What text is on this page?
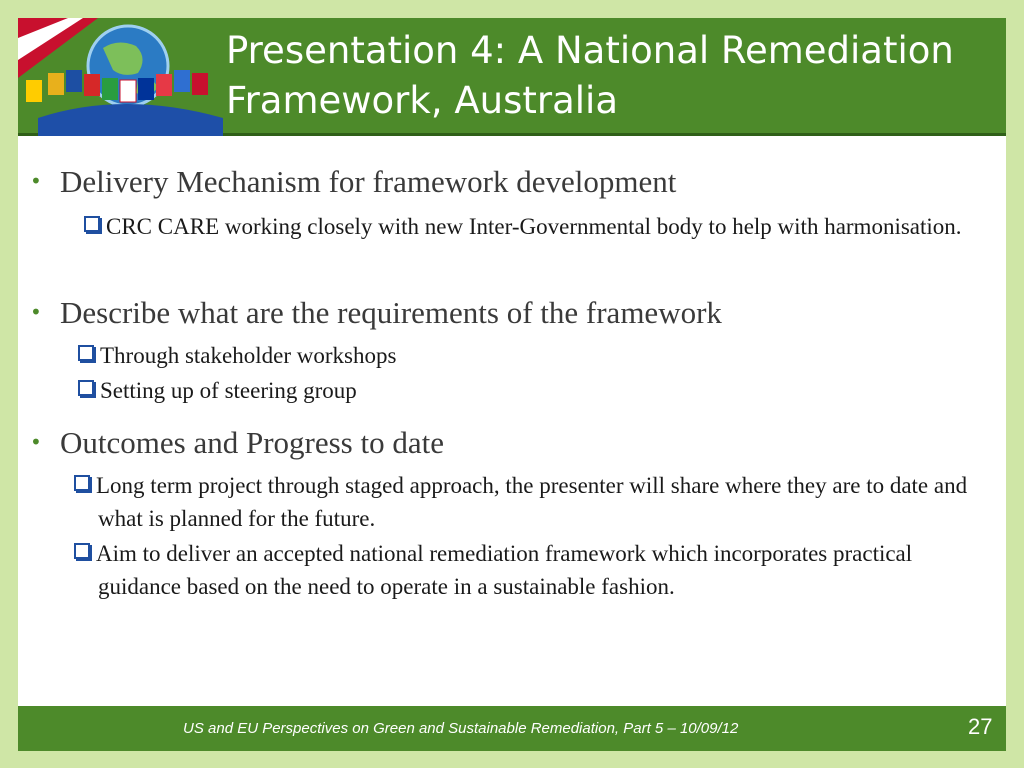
Presentation 4: A National Remediation Framework, Australia
• Delivery Mechanism for framework development
CRC CARE working closely with new Inter-Governmental body to help with harmonisation.
• Describe what are the requirements of the framework
Through stakeholder workshops
Setting up of steering group
• Outcomes and Progress to date
Long term project through staged approach, the presenter will share where they are to date and what is planned for the future.
Aim to deliver an accepted national remediation framework which incorporates practical guidance based on the need to operate in a sustainable fashion.
US and EU Perspectives on Green and Sustainable Remediation, Part 5 – 10/09/12	27
